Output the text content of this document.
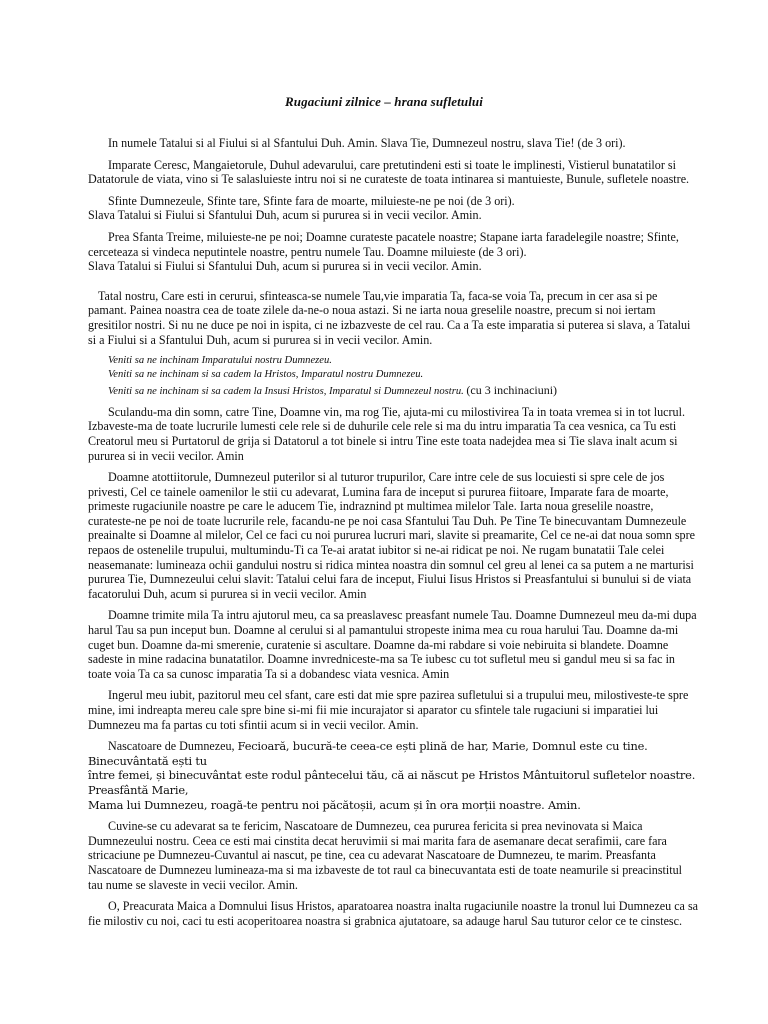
Rugaciuni zilnice – hrana sufletului
In numele Tatalui si al Fiului si al Sfantului Duh. Amin. Slava Tie, Dumnezeul nostru, slava Tie! (de 3 ori).
Imparate Ceresc, Mangaietorule, Duhul adevarului, care pretutindeni esti si toate le implinesti, Vistierul bunatatilor si
Datatorule de viata, vino si Te salasluieste intru noi si ne curateste de toata intinarea si mantuieste, Bunule, sufletele noastre.
Sfinte Dumnezeule, Sfinte tare, Sfinte fara de moarte, miluieste-ne pe noi (de 3 ori).
Slava Tatalui si Fiului si Sfantului Duh, acum si pururea si in vecii vecilor. Amin.
Prea Sfanta Treime, miluieste-ne pe noi; Doamne curateste pacatele noastre; Stapane iarta faradelegile noastre; Sfinte,
cerceteaza si vindeca neputintele noastre, pentru numele Tau. Doamne miluieste (de 3 ori).
Slava Tatalui si Fiului si Sfantului Duh, acum si pururea si in vecii vecilor. Amin.
Tatal nostru, Care esti in cerurui, sfinteasca-se numele Tau,vie imparatia Ta, faca-se voia Ta, precum in cer asa si pe
pamant. Painea noastra cea de toate zilele da-ne-o noua astazi. Si ne iarta noua greselile noastre, precum si noi iertam
gresitilor nostri. Si nu ne duce pe noi in ispita, ci ne izbazveste de cel rau. Ca a Ta este imparatia si puterea si slava, a Tatalui
si a Fiului si a Sfantului Duh, acum si pururea si in vecii vecilor. Amin.
Veniti sa ne inchinam Imparatului nostru Dumnezeu.
Veniti sa ne inchinam si sa cadem la Hristos, Imparatul nostru Dumnezeu.
Veniti sa ne inchinam si sa cadem la Insusi Hristos, Imparatul si Dumnezeul nostru. (cu 3 inchinaciuni)
Sculandu-ma din somn, catre Tine, Doamne vin, ma rog Tie, ajuta-mi cu milostivirea Ta in toata vremea si in tot lucrul.
Izbaveste-ma de toate lucrurile lumesti cele rele si de duhurile cele rele si ma du intru imparatia Ta cea vesnica, ca Tu esti
Creatorul meu si Purtatorul de grija si Datatorul a tot binele si intru Tine este toata nadejdea mea si Tie slava inalt acum si
pururea si in vecii vecilor. Amin
Doamne atottiitorule, Dumnezeul puterilor si al tuturor trupurilor, Care intre cele de sus locuiesti si spre cele de jos
privesti, Cel ce tainele oamenilor le stii cu adevarat, Lumina fara de inceput si pururea fiitoare, Imparate fara de moarte,
primeste rugaciunile noastre pe care le aducem Tie, indraznind pt multimea milelor Tale. Iarta noua greselile noastre,
curateste-ne pe noi de toate lucrurile rele, facandu-ne pe noi casa Sfantului Tau Duh. Pe Tine Te binecuvantam Dumnezeule
preainalte si Doamne al milelor, Cel ce faci cu noi pururea lucruri mari, slavite si preamarite, Cel ce ne-ai dat noua somn spre
repaos de ostenelile trupului, multumindu-Ti ca Te-ai aratat iubitor si ne-ai ridicat pe noi. Ne rugam bunatatii Tale celei
neasemanate: lumineaza ochii gandului nostru si ridica mintea noastra din somnul cel greu al lenei ca sa putem a ne marturisi
pururea Tie, Dumnezeului celui slavit: Tatalui celui fara de inceput, Fiului Iisus Hristos si Preasfantului si bunului si de viata
facatorului Duh, acum si pururea si in vecii vecilor. Amin
Doamne trimite mila Ta intru ajutorul meu, ca sa preaslavesc preasfant numele Tau. Doamne Dumnezeul meu da-mi dupa
harul Tau sa pun inceput bun. Doamne al cerului si al pamantului stropeste inima mea cu roua harului Tau. Doamne da-mi
cuget bun. Doamne da-mi smerenie, curatenie si ascultare. Doamne da-mi rabdare si voie nebiruita si blandete. Doamne
sadeste in mine radacina bunatatilor. Doamne invredniceste-ma sa Te iubesc cu tot sufletul meu si gandul meu si sa fac in
toate voia Ta ca sa cunosc imparatia Ta si a dobandesc viata vesnica. Amin
Ingerul meu iubit, pazitorul meu cel sfant, care esti dat mie spre pazirea sufletului si a trupului meu, milostiveste-te spre
mine, imi indreapta mereu cale spre bine si-mi fii mie incurajator si aparator cu sfintele tale rugaciuni si imparatiei lui
Dumnezeu ma fa partas cu toti sfintii acum si in vecii vecilor. Amin.
Nascatoare de Dumnezeu, Fecioară, bucură-te ceea-ce ești plină de har, Marie, Domnul este cu tine. Binecuvântată ești tu
între femei, și binecuvântat este rodul pântecelui tău, că ai născut pe Hristos Mântuitorul sufletelor noastre. Preasfântă Marie,
Mama lui Dumnezeu, roagă-te pentru noi păcătoșii, acum și în ora morții noastre. Amin.
Cuvine-se cu adevarat sa te fericim, Nascatoare de Dumnezeu, cea pururea fericita si prea nevinovata si Maica
Dumnezeului nostru. Ceea ce esti mai cinstita decat heruvimii si mai marita fara de asemanare decat serafimii, care fara
stricaciune pe Dumnezeu-Cuvantul ai nascut, pe tine, cea cu adevarat Nascatoare de Dumnezeu, te marim. Preasfanta
Nascatoare de Dumnezeu lumineaza-ma si ma izbaveste de tot raul ca binecuvantata esti de toate neamurile si preacinstitul
tau nume se slaveste in vecii vecilor. Amin.
O, Preacurata Maica a Domnului Iisus Hristos, aparatoarea noastra inalta rugaciunile noastre la tronul lui Dumnezeu ca sa
fie milostiv cu noi, caci tu esti acoperitoarea noastra si grabnica ajutatoare, sa adauge harul Sau tuturor celor ce te cinstesc.
